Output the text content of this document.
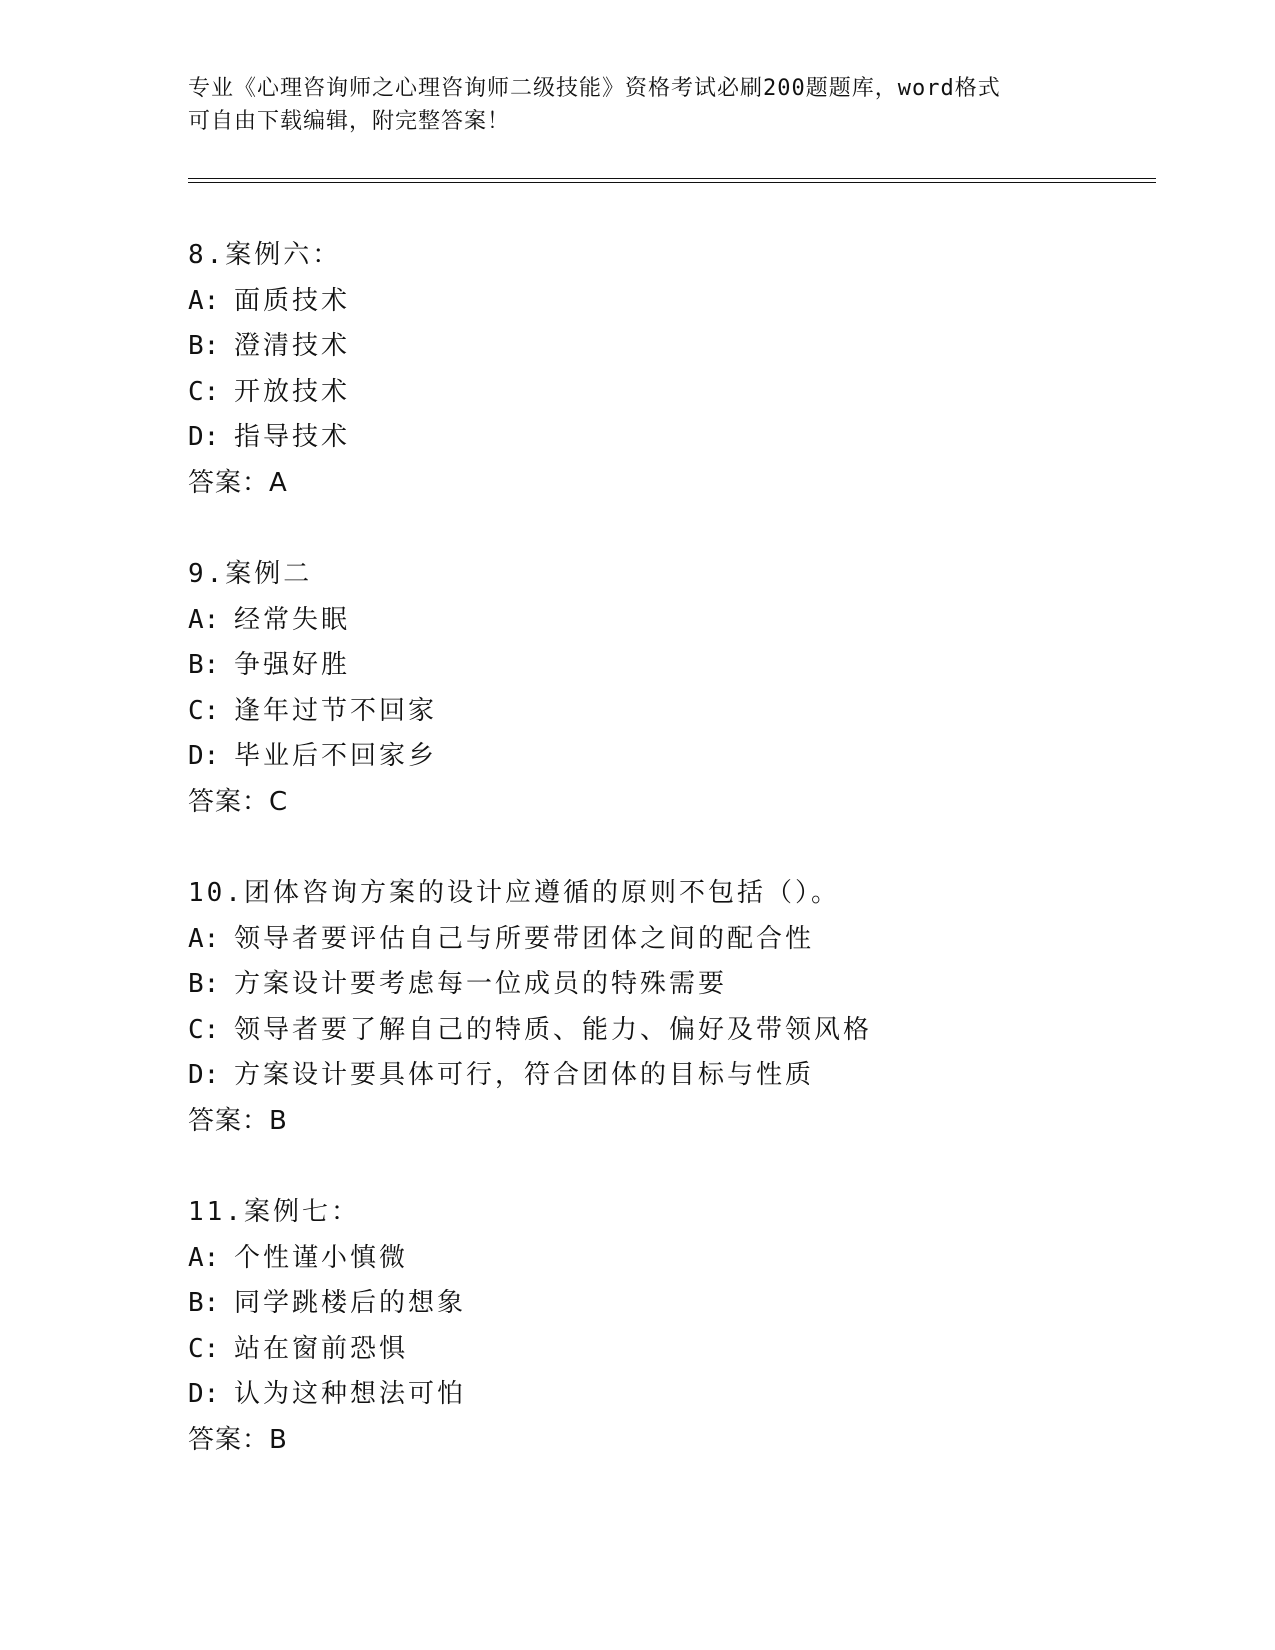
专业《心理咨询师之心理咨询师二级技能》资格考试必刷200题题库，word格式
可自由下载编辑，附完整答案！
8.案例六：
A: 面质技术
B: 澄清技术
C: 开放技术
D: 指导技术
答案：A
9.案例二
A: 经常失眠
B: 争强好胜
C: 逢年过节不回家
D: 毕业后不回家乡
答案：C
10.团体咨询方案的设计应遵循的原则不包括（）。
A: 领导者要评估自己与所要带团体之间的配合性
B: 方案设计要考虑每一位成员的特殊需要
C: 领导者要了解自己的特质、能力、偏好及带领风格
D: 方案设计要具体可行，符合团体的目标与性质
答案：B
11.案例七：
A: 个性谨小慎微
B: 同学跳楼后的想象
C: 站在窗前恐惧
D: 认为这种想法可怕
答案：B
